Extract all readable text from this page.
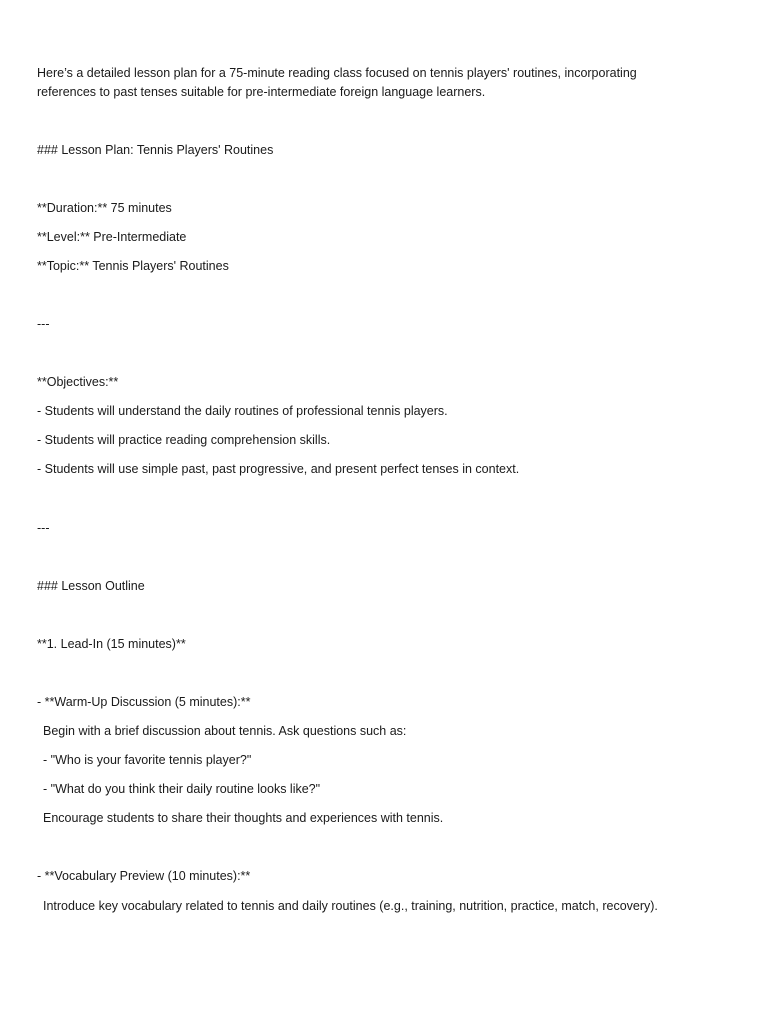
Here’s a detailed lesson plan for a 75-minute reading class focused on tennis players' routines, incorporating
references to past tenses suitable for pre-intermediate foreign language learners.
### Lesson Plan: Tennis Players' Routines
**Duration:** 75 minutes
**Level:** Pre-Intermediate
**Topic:** Tennis Players' Routines
---
**Objectives:**
- Students will understand the daily routines of professional tennis players.
- Students will practice reading comprehension skills.
- Students will use simple past, past progressive, and present perfect tenses in context.
---
### Lesson Outline
**1. Lead-In (15 minutes)**
- **Warm-Up Discussion (5 minutes):**
Begin with a brief discussion about tennis. Ask questions such as:
- "Who is your favorite tennis player?"
- "What do you think their daily routine looks like?"
Encourage students to share their thoughts and experiences with tennis.
- **Vocabulary Preview (10 minutes):**
Introduce key vocabulary related to tennis and daily routines (e.g., training, nutrition, practice, match, recovery).
